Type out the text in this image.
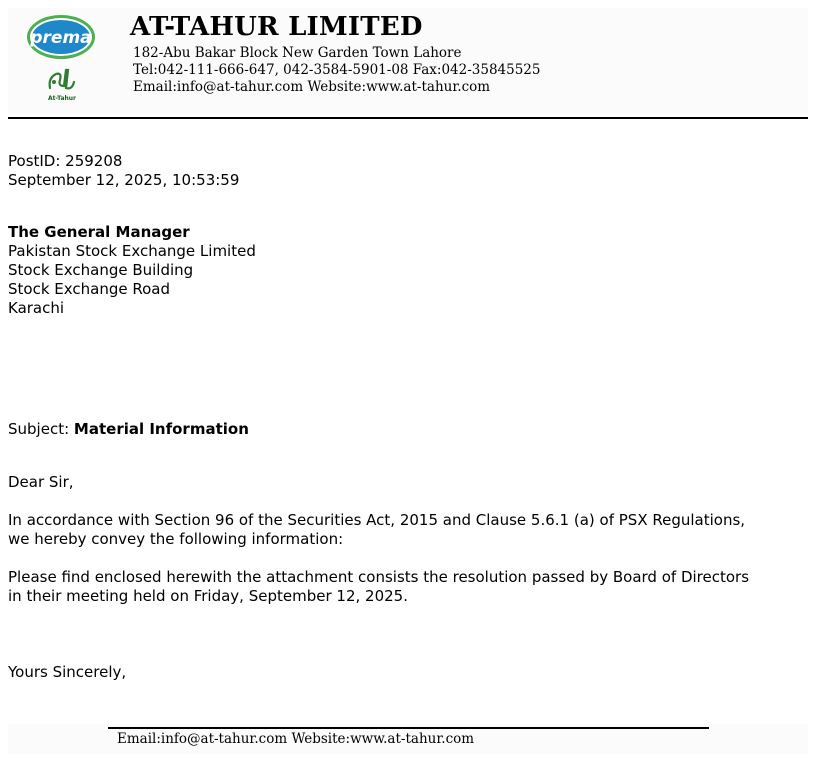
prema
At-Tahur
AT-TAHUR LIMITED
182-Abu Bakar Block New Garden Town Lahore
Tel:042-111-666-647, 042-3584-5901-08 Fax:042-35845525
Email:info@at-tahur.com Website:www.at-tahur.com
PostID: 259208
September 12, 2025, 10:53:59
The General Manager
Pakistan Stock Exchange Limited
Stock Exchange Building
Stock Exchange Road
Karachi
Subject: Material Information
Dear Sir,
In accordance with Section 96 of the Securities Act, 2015 and Clause 5.6.1 (a) of PSX Regulations,
we hereby convey the following information:
Please find enclosed herewith the attachment consists the resolution passed by Board of Directors
in their meeting held on Friday, September 12, 2025.
Yours Sincerely,
Email:info@at-tahur.com Website:www.at-tahur.com
